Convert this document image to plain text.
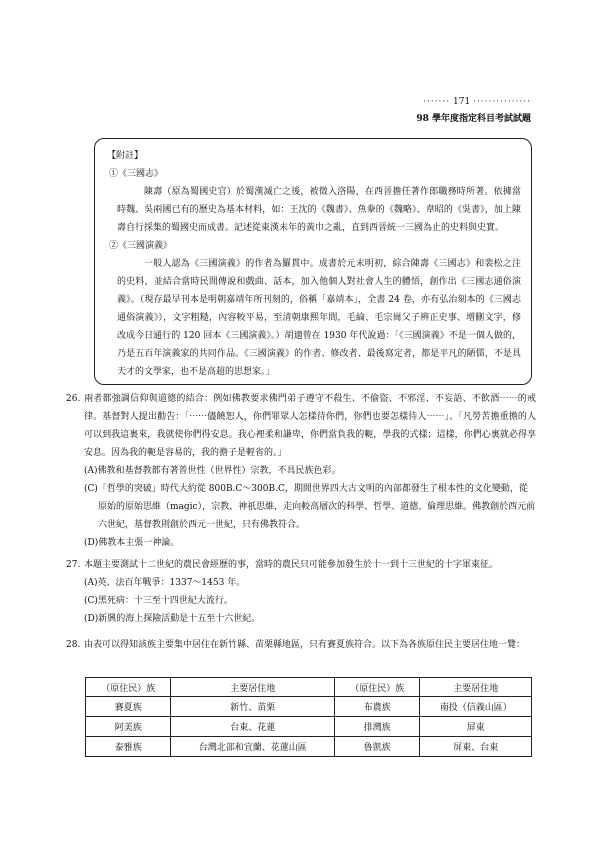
······· 171 ···············
98 學年度指定科目考試試題

【附註】

①《三國志》

陳壽（原為蜀國史官）於蜀漢滅亡之後，被徵入洛陽，在西晉擔任著作郎職務時所著。依據當時魏、吳兩國已有的歷史為基本材料，如：王沈的《魏書》、魚豢的《魏略》、韋昭的《吳書》，加上陳壽自行採集的蜀國史而成書。記述從東漢末年的黃巾之亂，直到西晉統一三國為止的史料與史實。

②《三國演義》

一般人認為《三國演義》的作者為羅貫中。成書於元末明初，綜合陳壽《三國志》和裴松之注的史料，並結合當時民間傳說和戲曲、話本，加入他個人對社會人生的體悟，創作出《三國志通俗演義》。（現存最早刊本是明朝嘉靖年所刊刻的，俗稱「嘉靖本」，全書 24 卷，亦有弘治刻本的《三國志通俗演義》），文字粗糙，內容較平易，至清朝康熙年間，毛綸、毛宗崗父子辨正史事、增刪文字，修改成今日通行的 120 回本《三國演義》。）胡適曾在 1930 年代說過：「《三國演義》不是一個人做的，乃是五百年演義家的共同作品。《三國演義》的作者、修改者、最後寫定者，都是平凡的陋儒，不是具天才的文學家，也不是高超的思想家。」

26. 兩者都強調信仰與道德的結合：例如佛教要求佛門弟子遵守不殺生、不偷盜、不邪淫、不妄語、不飲酒⋯⋯的戒律。基督對人提出勸告：「⋯⋯儘饒恕人，你們罪眾人怎樣待你們，你們也要怎樣待人⋯⋯」、「凡勞苦擔重擔的人可以到我這裏來，我就使你們得安息。我心裡柔和謙卑，你們當負我的軛，學我的式樣；這樣，你們心裏就必得享安息。因為我的軛是容易的，我的擔子是輕省的。」
(A)佛教和基督教都有著普世性（世界性）宗教，不具民族色彩。
(C)「哲學的突破」時代大約從 800B.C～300B.C，期間世界四大古文明的內部都發生了根本性的文化變動，從原始的原始思維（magic），宗教、神祇思維，走向較高層次的科學、哲學、道德、倫理思維。佛教創於西元前六世紀，基督教則創於西元一世紀，只有佛教符合。
(D)佛教本主張一神論。
27. 本題主要測試十二世紀的農民會經歷的事，當時的農民只可能參加發生於十一到十三世紀的十字軍東征。
(A)英、法百年戰爭：1337～1453 年。
(C)黑死病：十三至十四世紀大流行。
(D)新興的海上探險活動是十五至十六世紀。
28. 由表可以得知該族主要集中居住在新竹縣、苗栗縣地區，只有賽夏族符合。以下為各族原住民主要居住地一覽：
（原住民）族	主要居住地	（原住民）族	主要居住地
賽夏族	新竹、苗栗	布農族	南投（信義山區）
阿美族	台東、花蓮	排灣族	屏東
泰雅族	台灣北部和宜蘭、花蓮山區	魯凱族	屏東、台東
